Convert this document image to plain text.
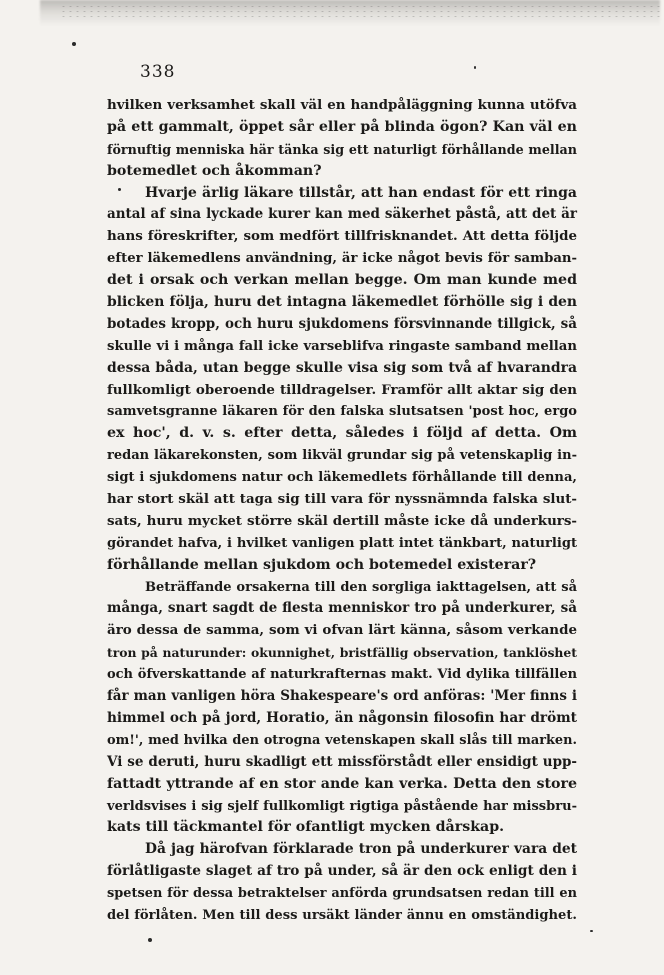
338
hvilken verksamhet skall väl en handpåläggning kunna utöfva
på ett gammalt, öppet sår eller på blinda ögon? Kan väl en
förnuftig menniska här tänka sig ett naturligt förhållande mellan
botemedlet och åkomman?
Hvarje ärlig läkare tillstår, att han endast för ett ringa
antal af sina lyckade kurer kan med säkerhet påstå, att det är
hans föreskrifter, som medfört tillfrisknandet. Att detta följde
efter läkemedlens användning, är icke något bevis för samban-
det i orsak och verkan mellan begge. Om man kunde med
blicken följa, huru det intagna läkemedlet förhölle sig i den
botades kropp, och huru sjukdomens försvinnande tillgick, så
skulle vi i många fall icke varseblifva ringaste samband mellan
dessa båda, utan begge skulle visa sig som två af hvarandra
fullkomligt oberoende tilldragelser. Framför allt aktar sig den
samvetsgranne läkaren för den falska slutsatsen 'post hoc, ergo
ex hoc', d. v. s. efter detta, således i följd af detta. Om
redan läkarekonsten, som likväl grundar sig på vetenskaplig in-
sigt i sjukdomens natur och läkemedlets förhållande till denna,
har stort skäl att taga sig till vara för nyssnämnda falska slut-
sats, huru mycket större skäl dertill måste icke då underkurs-
görandet hafva, i hvilket vanligen platt intet tänkbart, naturligt
förhållande mellan sjukdom och botemedel existerar?
Beträffande orsakerna till den sorgliga iakttagelsen, att så
många, snart sagdt de flesta menniskor tro på underkurer, så
äro dessa de samma, som vi ofvan lärt känna, såsom verkande
tron på naturunder: okunnighet, bristfällig observation, tanklöshet
och öfverskattande af naturkrafternas makt. Vid dylika tillfällen
får man vanligen höra Shakespeare's ord anföras: 'Mer finns i
himmel och på jord, Horatio, än någonsin filosofin har drömt
om!', med hvilka den otrogna vetenskapen skall slås till marken.
Vi se deruti, huru skadligt ett missförstådt eller ensidigt upp-
fattadt yttrande af en stor ande kan verka. Detta den store
verldsvises i sig sjelf fullkomligt rigtiga påstående har missbru-
kats till täckmantel för ofantligt mycken dårskap.
Då jag härofvan förklarade tron på underkurer vara det
förlåtligaste slaget af tro på under, så är den ock enligt den i
spetsen för dessa betraktelser anförda grundsatsen redan till en
del förlåten. Men till dess ursäkt länder ännu en omständighet.
